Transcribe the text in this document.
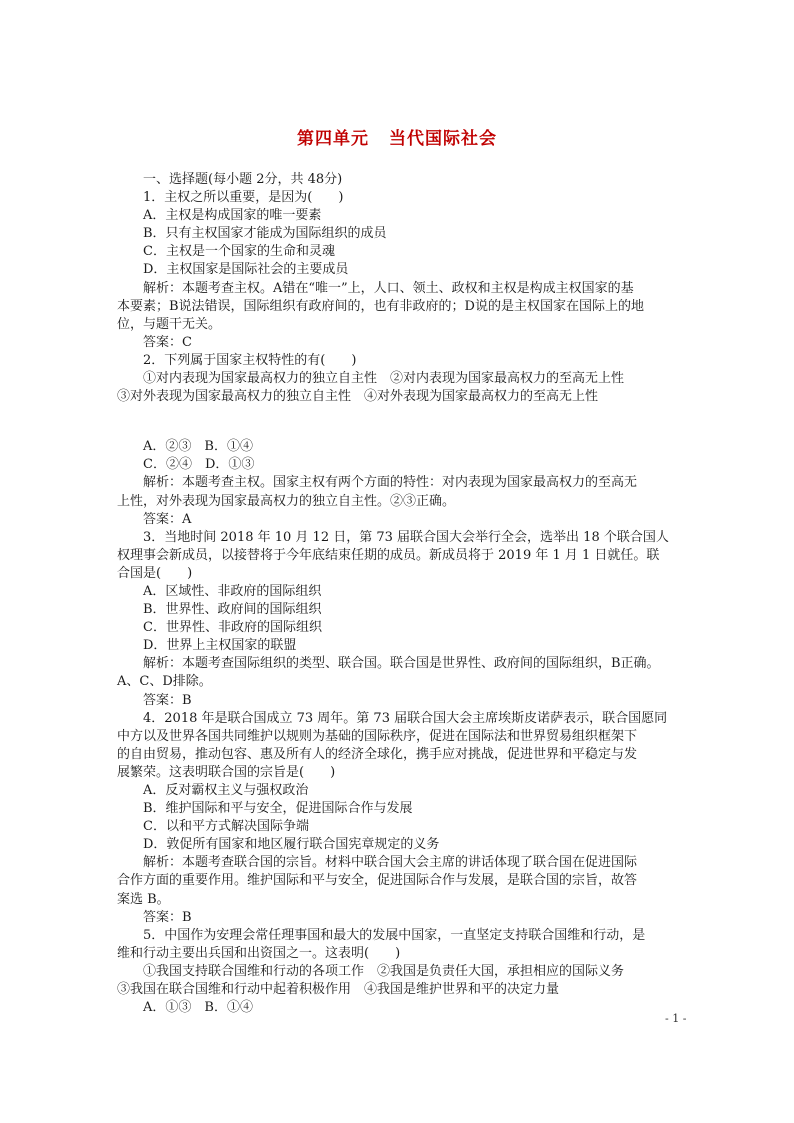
第四单元 当代国际社会
一、选择题(每小题 2分，共 48分)
1．主权之所以重要，是因为(　　)
A．主权是构成国家的唯一要素
B．只有主权国家才能成为国际组织的成员
C．主权是一个国家的生命和灵魂
D．主权国家是国际社会的主要成员
解析：本题考查主权。A错在“唯一”上，人口、领土、政权和主权是构成主权国家的基
本要素；B说法错误，国际组织有政府间的，也有非政府的；D说的是主权国家在国际上的地
位，与题干无关。
答案：C
2．下列属于国家主权特性的有(　　)
①对内表现为国家最高权力的独立自主性　②对内表现为国家最高权力的至高无上性
③对外表现为国家最高权力的独立自主性　④对外表现为国家最高权力的至高无上性
A．②③　B．①④
C．②④　D．①③
解析：本题考查主权。国家主权有两个方面的特性：对内表现为国家最高权力的至高无
上性，对外表现为国家最高权力的独立自主性。②③正确。
答案：A
3．当地时间 2018 年 10 月 12 日，第 73 届联合国大会举行全会，选举出 18 个联合国人
权理事会新成员，以接替将于今年底结束任期的成员。新成员将于 2019 年 1 月 1 日就任。联
合国是(　　)
A．区域性、非政府的国际组织
B．世界性、政府间的国际组织
C．世界性、非政府的国际组织
D．世界上主权国家的联盟
解析：本题考查国际组织的类型、联合国。联合国是世界性、政府间的国际组织，B正确。
A、C、D排除。
答案：B
4．2018 年是联合国成立 73 周年。第 73 届联合国大会主席埃斯皮诺萨表示，联合国愿同
中方以及世界各国共同维护以规则为基础的国际秩序，促进在国际法和世界贸易组织框架下
的自由贸易，推动包容、惠及所有人的经济全球化，携手应对挑战，促进世界和平稳定与发
展繁荣。这表明联合国的宗旨是(　　)
A．反对霸权主义与强权政治
B．维护国际和平与安全，促进国际合作与发展
C．以和平方式解决国际争端
D．敦促所有国家和地区履行联合国宪章规定的义务
解析：本题考查联合国的宗旨。材料中联合国大会主席的讲话体现了联合国在促进国际
合作方面的重要作用。维护国际和平与安全，促进国际合作与发展，是联合国的宗旨，故答
案选 B。
答案：B
5．中国作为安理会常任理事国和最大的发展中国家，一直坚定支持联合国维和行动，是
维和行动主要出兵国和出资国之一。这表明(　　)
①我国支持联合国维和行动的各项工作　②我国是负责任大国，承担相应的国际义务
③我国在联合国维和行动中起着积极作用　④我国是维护世界和平的决定力量
A．①③　B．①④
- 1 -
